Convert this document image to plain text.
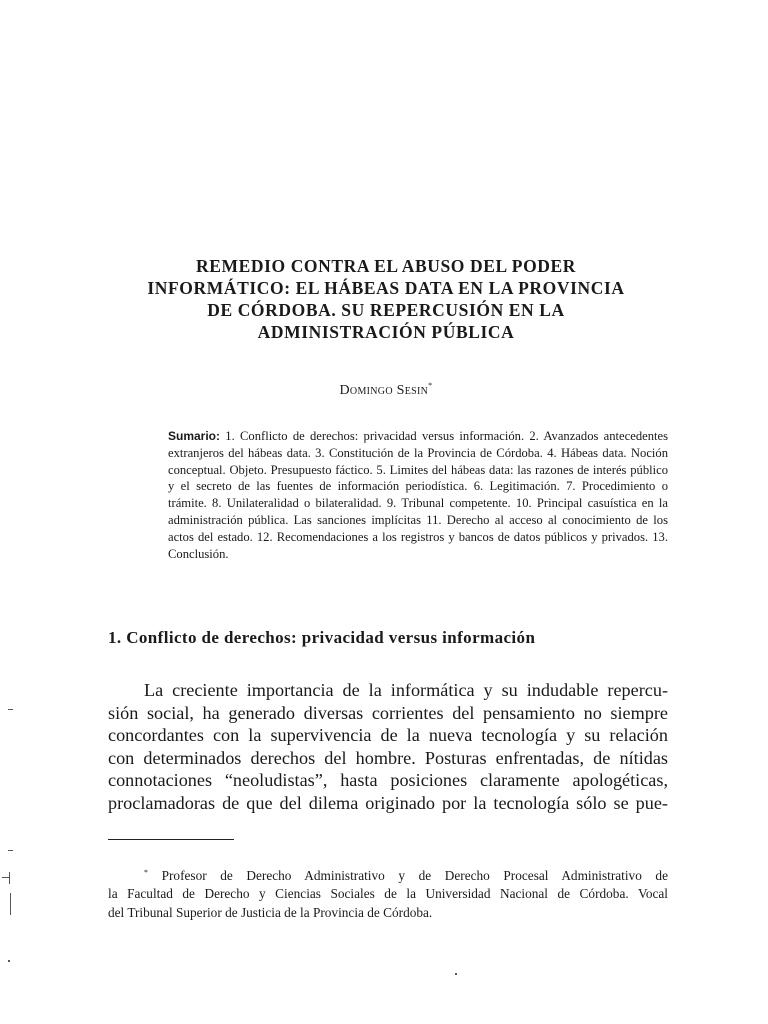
REMEDIO CONTRA EL ABUSO DEL PODER
INFORMÁTICO: EL HÁBEAS DATA EN LA PROVINCIA
DE CÓRDOBA. SU REPERCUSIÓN EN LA
ADMINISTRACIÓN PÚBLICA
Domingo Sesin*
Sumario: 1. Conflicto de derechos: privacidad versus información. 2. Avanzados antecedentes extranjeros del hábeas data. 3. Constitución de la Provincia de Córdoba. 4. Hábeas data. Noción conceptual. Objeto. Presupuesto fáctico. 5. Limites del hábeas data: las razones de interés público y el secreto de las fuentes de información periodística. 6. Legitimación. 7. Procedimiento o trámite. 8. Unilateralidad o bilateralidad. 9. Tribunal competente. 10. Principal casuística en la administración pública. Las sanciones implícitas 11. Derecho al acceso al conocimiento de los actos del estado. 12. Recomendaciones a los registros y bancos de datos públicos y privados. 13. Conclusión.
1. Conflicto de derechos: privacidad versus información
La creciente importancia de la informática y su indudable repercu-
sión social, ha generado diversas corrientes del pensamiento no siempre
concordantes con la supervivencia de la nueva tecnología y su relación
con determinados derechos del hombre. Posturas enfrentadas, de nítidas
connotaciones “neoludistas”, hasta posiciones claramente apologéticas,
proclamadoras de que del dilema originado por la tecnología sólo se pue-
* Profesor de Derecho Administrativo y de Derecho Procesal Administrativo de
la Facultad de Derecho y Ciencias Sociales de la Universidad Nacional de Córdoba. Vocal
del Tribunal Superior de Justicia de la Provincia de Córdoba.
